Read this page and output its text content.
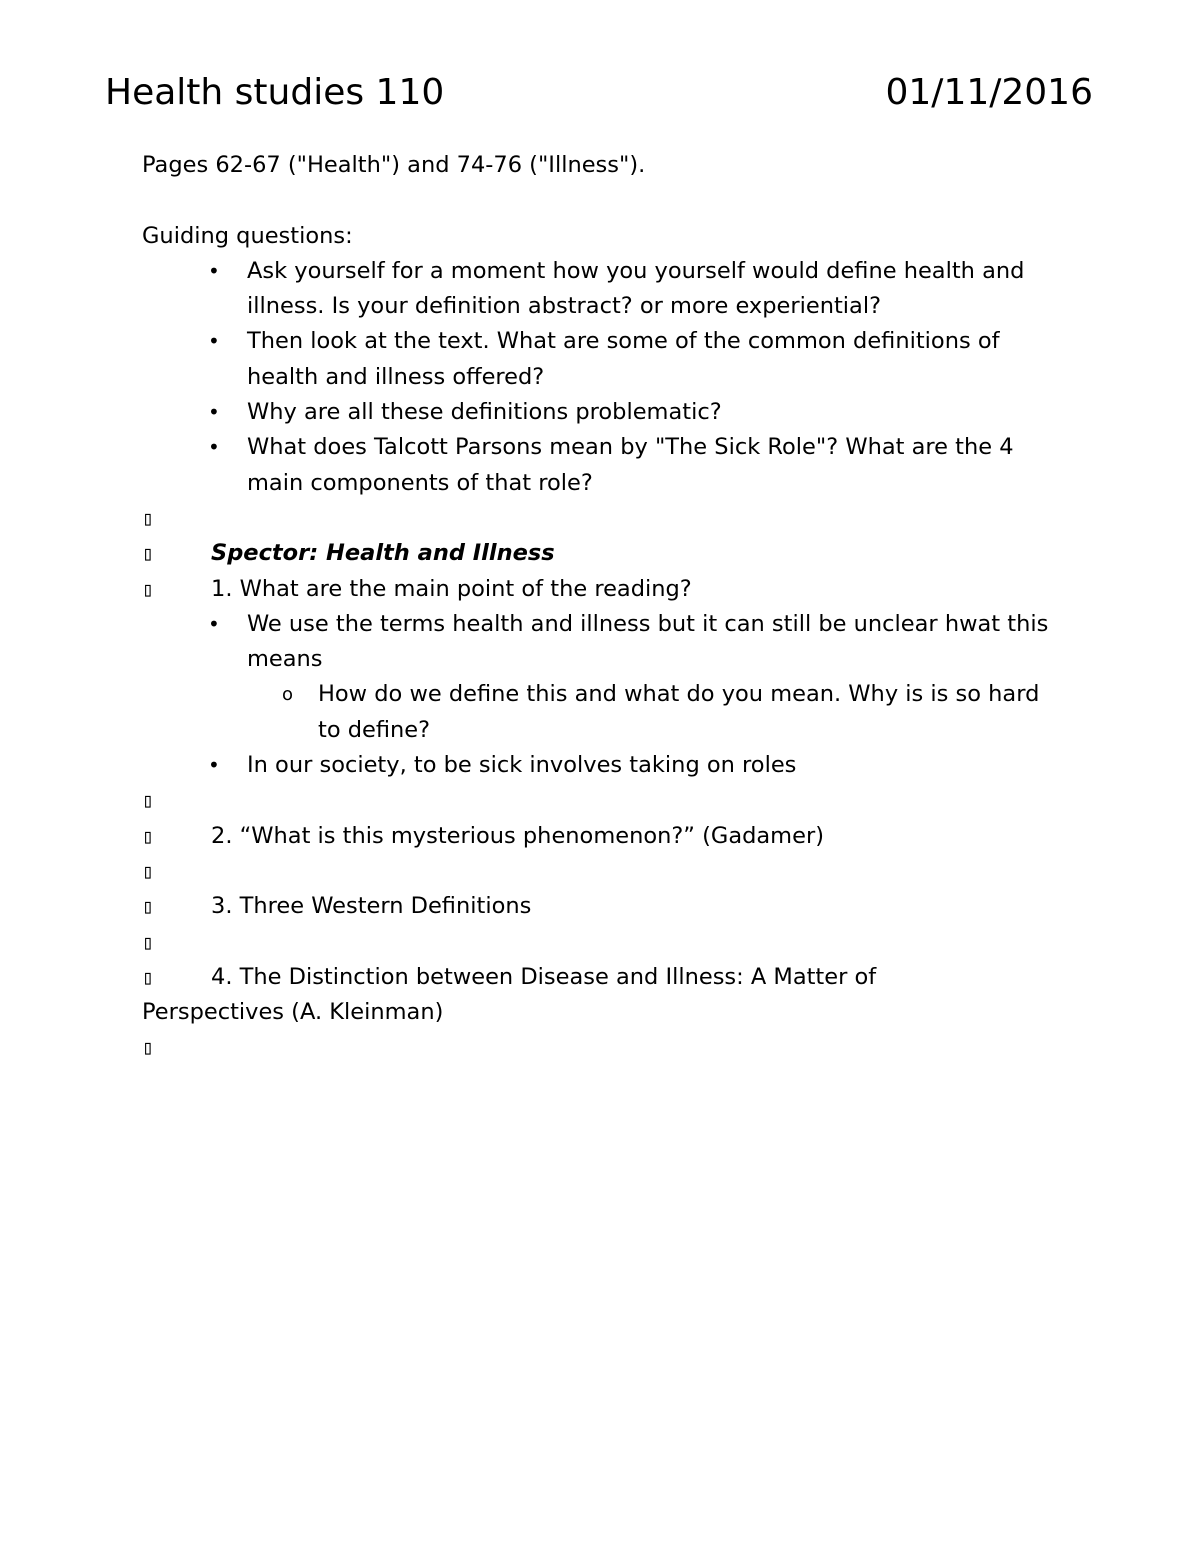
Health studies 110	01/11/2016
Pages 62-67 ("Health") and 74-76 ("Illness").
Guiding questions:
• Ask yourself for a moment how you yourself would define health and illness. Is your definition abstract? or more experiential?
• Then look at the text. What are some of the common definitions of health and illness offered?
• Why are all these definitions problematic?
• What does Talcott Parsons mean by "The Sick Role"? What are the 4 main components of that role?
▯
▯	Spector: Health and Illness
▯	1. What are the main point of the reading?
• We use the terms health and illness but it can still be unclear hwat this means
o How do we define this and what do you mean. Why is is so hard to define?
• In our society, to be sick involves taking on roles
▯
▯	2. “What is this mysterious phenomenon?” (Gadamer)
▯
▯	3. Three Western Definitions
▯
▯	4. The Distinction between Disease and Illness: A Matter of Perspectives (A. Kleinman)
▯
